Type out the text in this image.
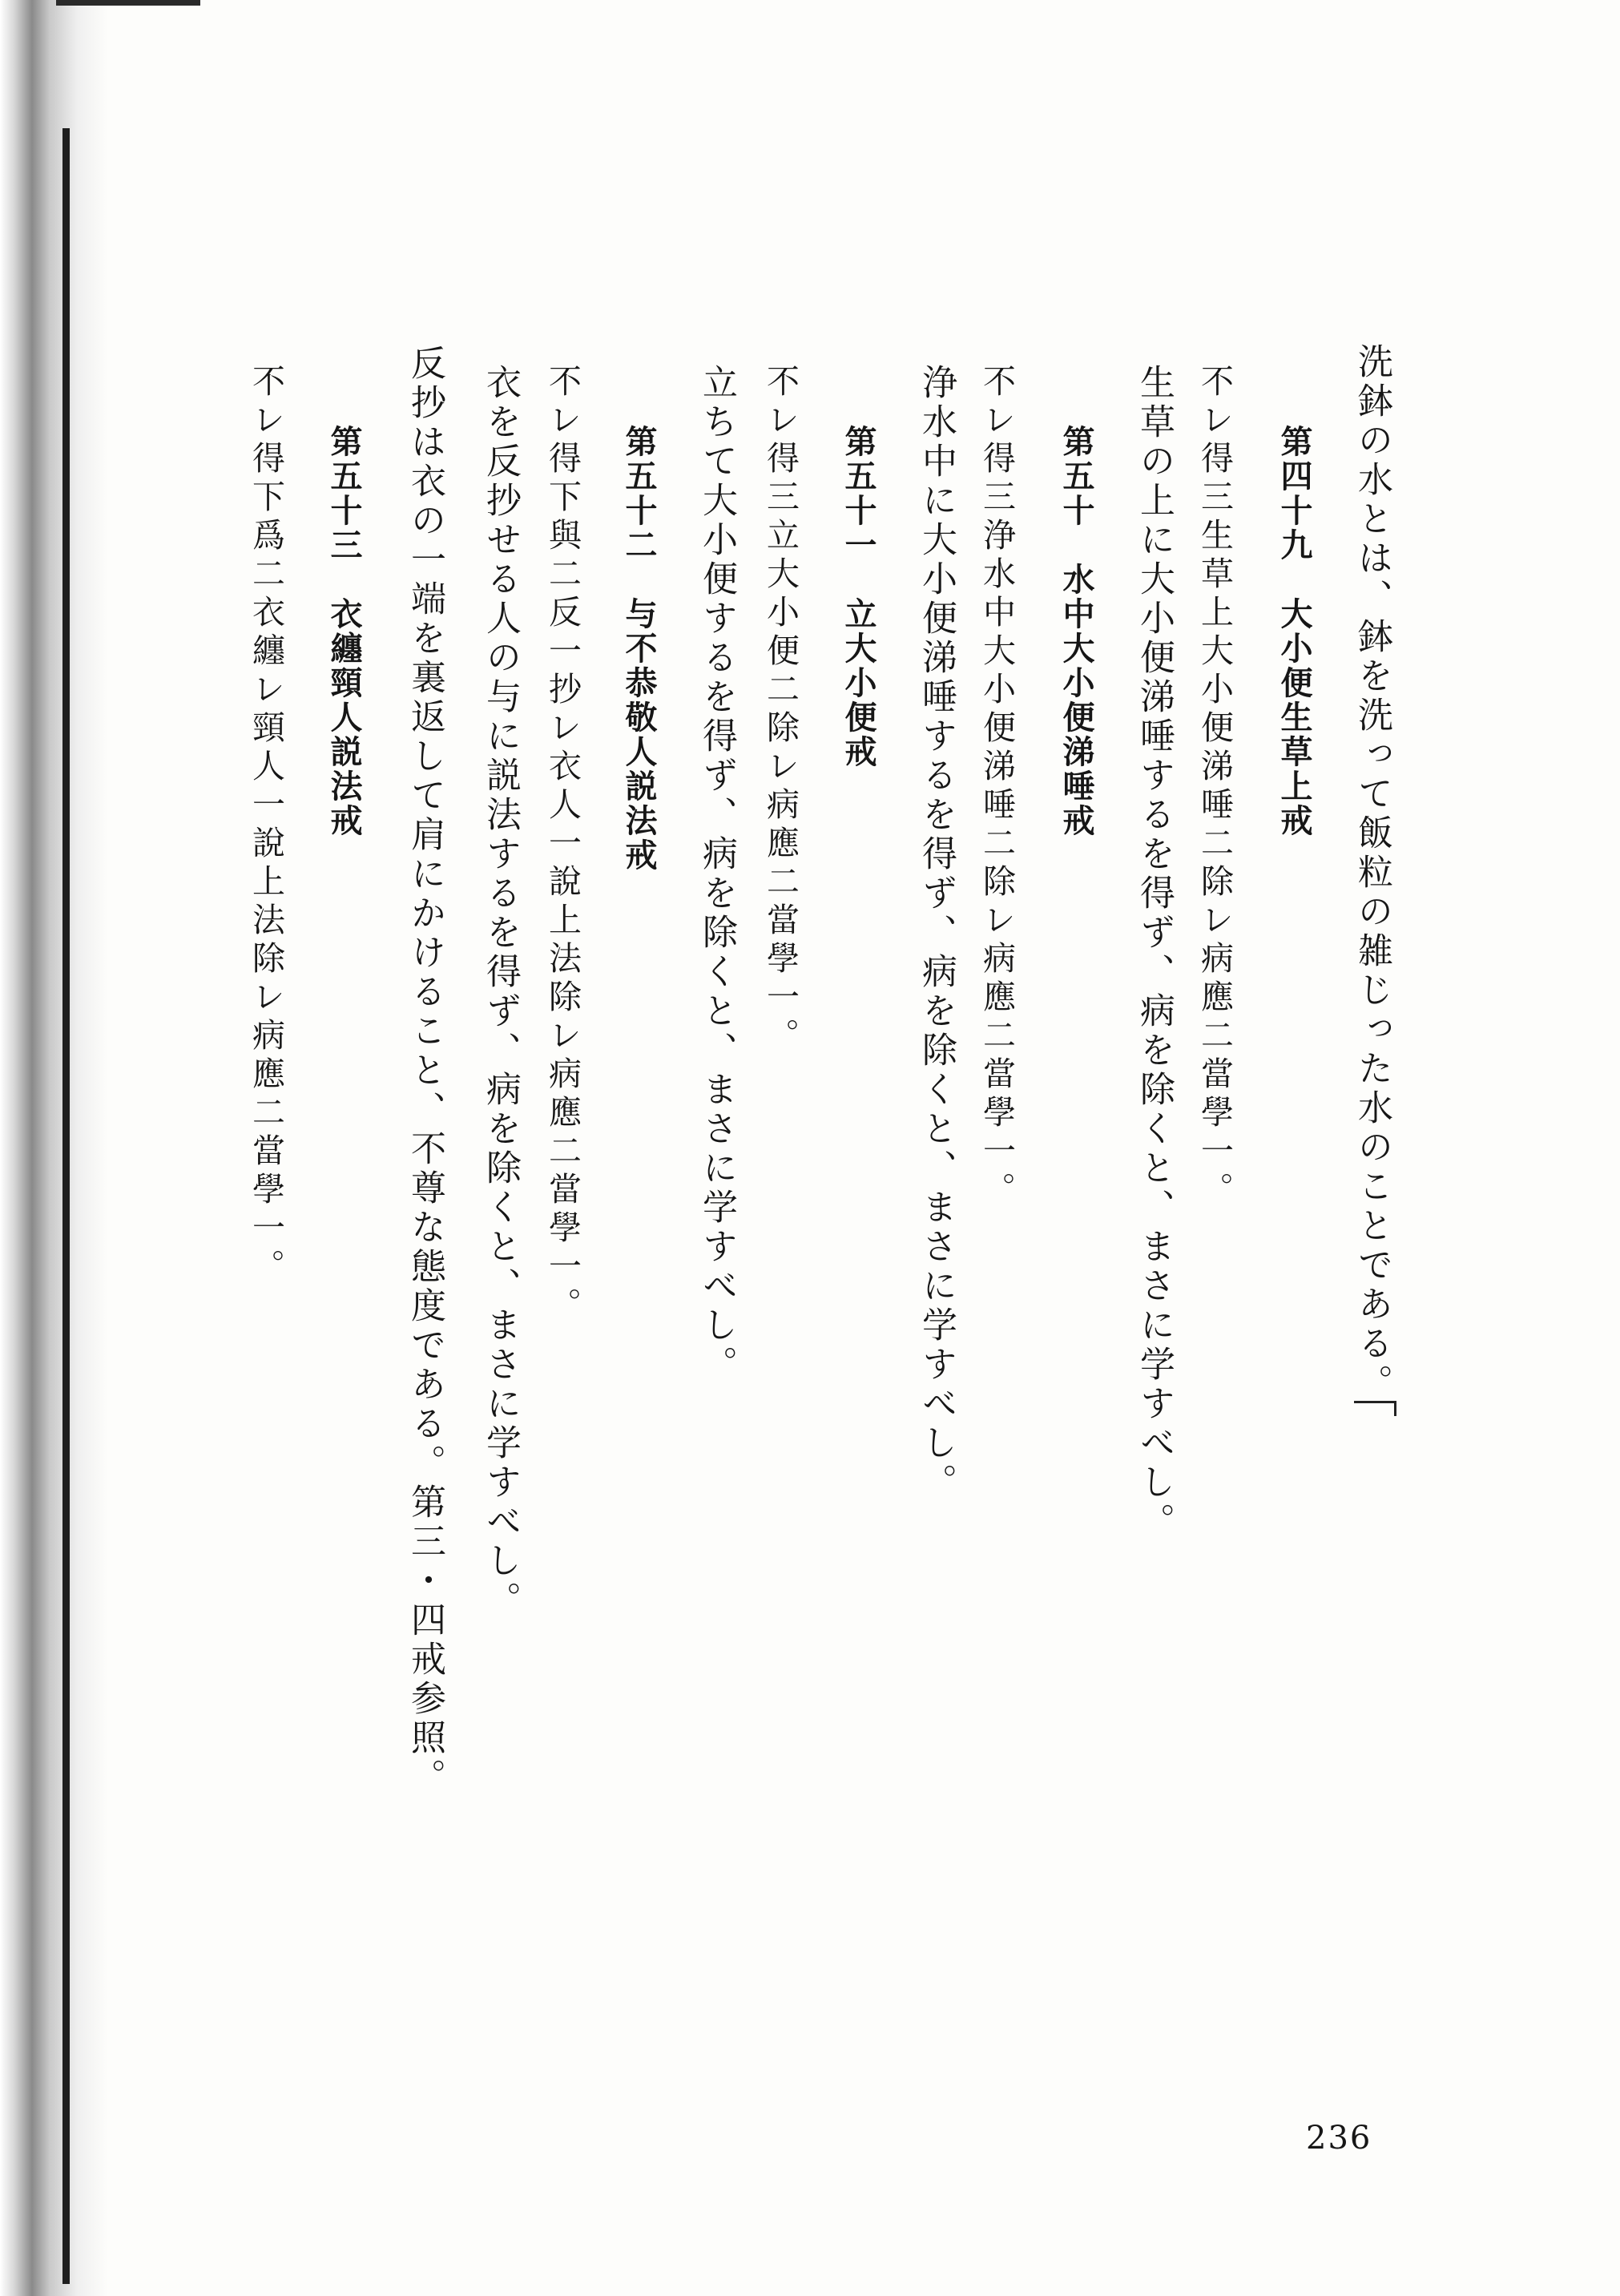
洗鉢の水とは、鉢を洗って飯粒の雑じった水のことである。

第四十九　大小便生草上戒

不レ得三生草上大小便涕唾二除レ病應二當學一。

生草の上に大小便涕唾するを得ず、病を除くと、まさに学すべし。

第五十　水中大小便涕唾戒

不レ得三浄水中大小便涕唾二除レ病應二當學一。

浄水中に大小便涕唾するを得ず、病を除くと、まさに学すべし。

第五十一　立大小便戒

不レ得三立大小便二除レ病應二當學一。

立ちて大小便するを得ず、病を除くと、まさに学すべし。

第五十二　与不恭敬人説法戒

不レ得下與二反一抄レ衣人一說上法除レ病應二當學一。

衣を反抄せる人の与に説法するを得ず、病を除くと、まさに学すべし。

反抄は衣の一端を裏返して肩にかけること、不尊な態度である。第三・四戒参照。

第五十三　衣纏頸人説法戒

不レ得下爲二衣纏レ頸人一說上法除レ病應二當學一。

236
